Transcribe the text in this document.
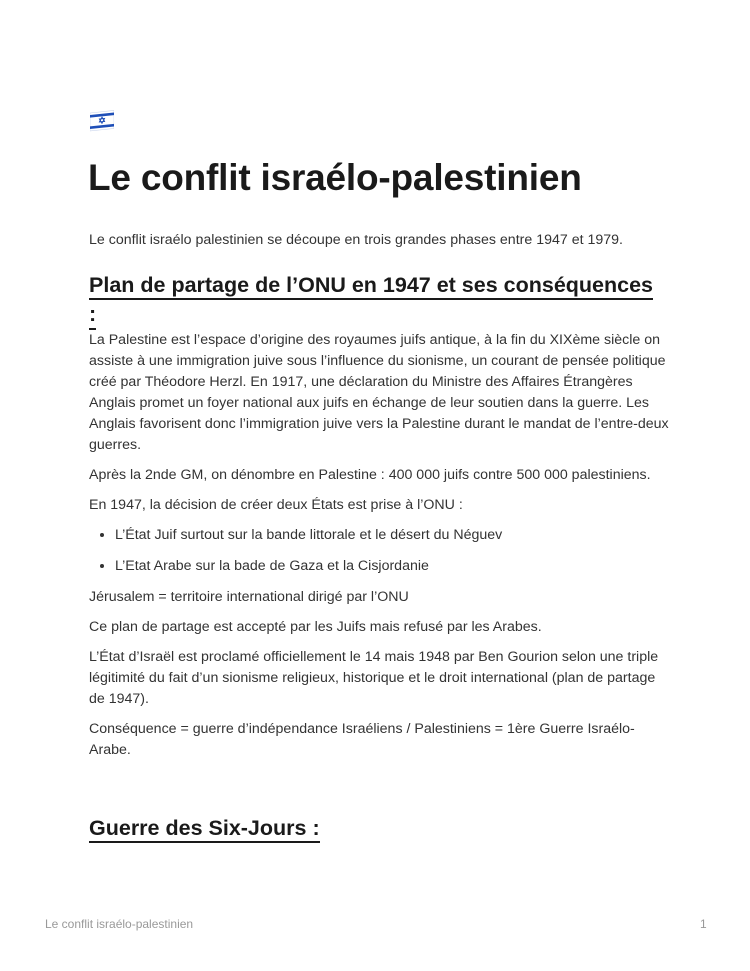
Le conflit israélo-palestinien

Le conflit israélo palestinien se découpe en trois grandes phases entre 1947 et 1979.

Plan de partage de l’ONU en 1947 et ses conséquences
:

La Palestine est l’espace d’origine des royaumes juifs antique, à la fin du XIXème siècle on assiste à une immigration juive sous l’influence du sionisme, un courant de pensée politique créé par Théodore Herzl. En 1917, une déclaration du Ministre des Affaires Étrangères Anglais promet un foyer national aux juifs en échange de leur soutien dans la guerre. Les Anglais favorisent donc l’immigration juive vers la Palestine durant le mandat de l’entre-deux guerres.

Après la 2nde GM, on dénombre en Palestine : 400 000 juifs contre 500 000 palestiniens.

En 1947, la décision de créer deux États est prise à l’ONU :

• L’État Juif surtout sur la bande littorale et le désert du Néguev
• L’Etat Arabe sur la bade de Gaza et la Cisjordanie

Jérusalem = territoire international dirigé par l’ONU

Ce plan de partage est accepté par les Juifs mais refusé par les Arabes.

L’État d’Israël est proclamé officiellement le 14 mais 1948 par Ben Gourion selon une triple légitimité du fait d’un sionisme religieux, historique et le droit international (plan de partage de 1947).

Conséquence = guerre d’indépendance Israéliens / Palestiniens = 1ère Guerre Israélo-Arabe.

Guerre des Six-Jours :
Le conflit israélo-palestinien	1
